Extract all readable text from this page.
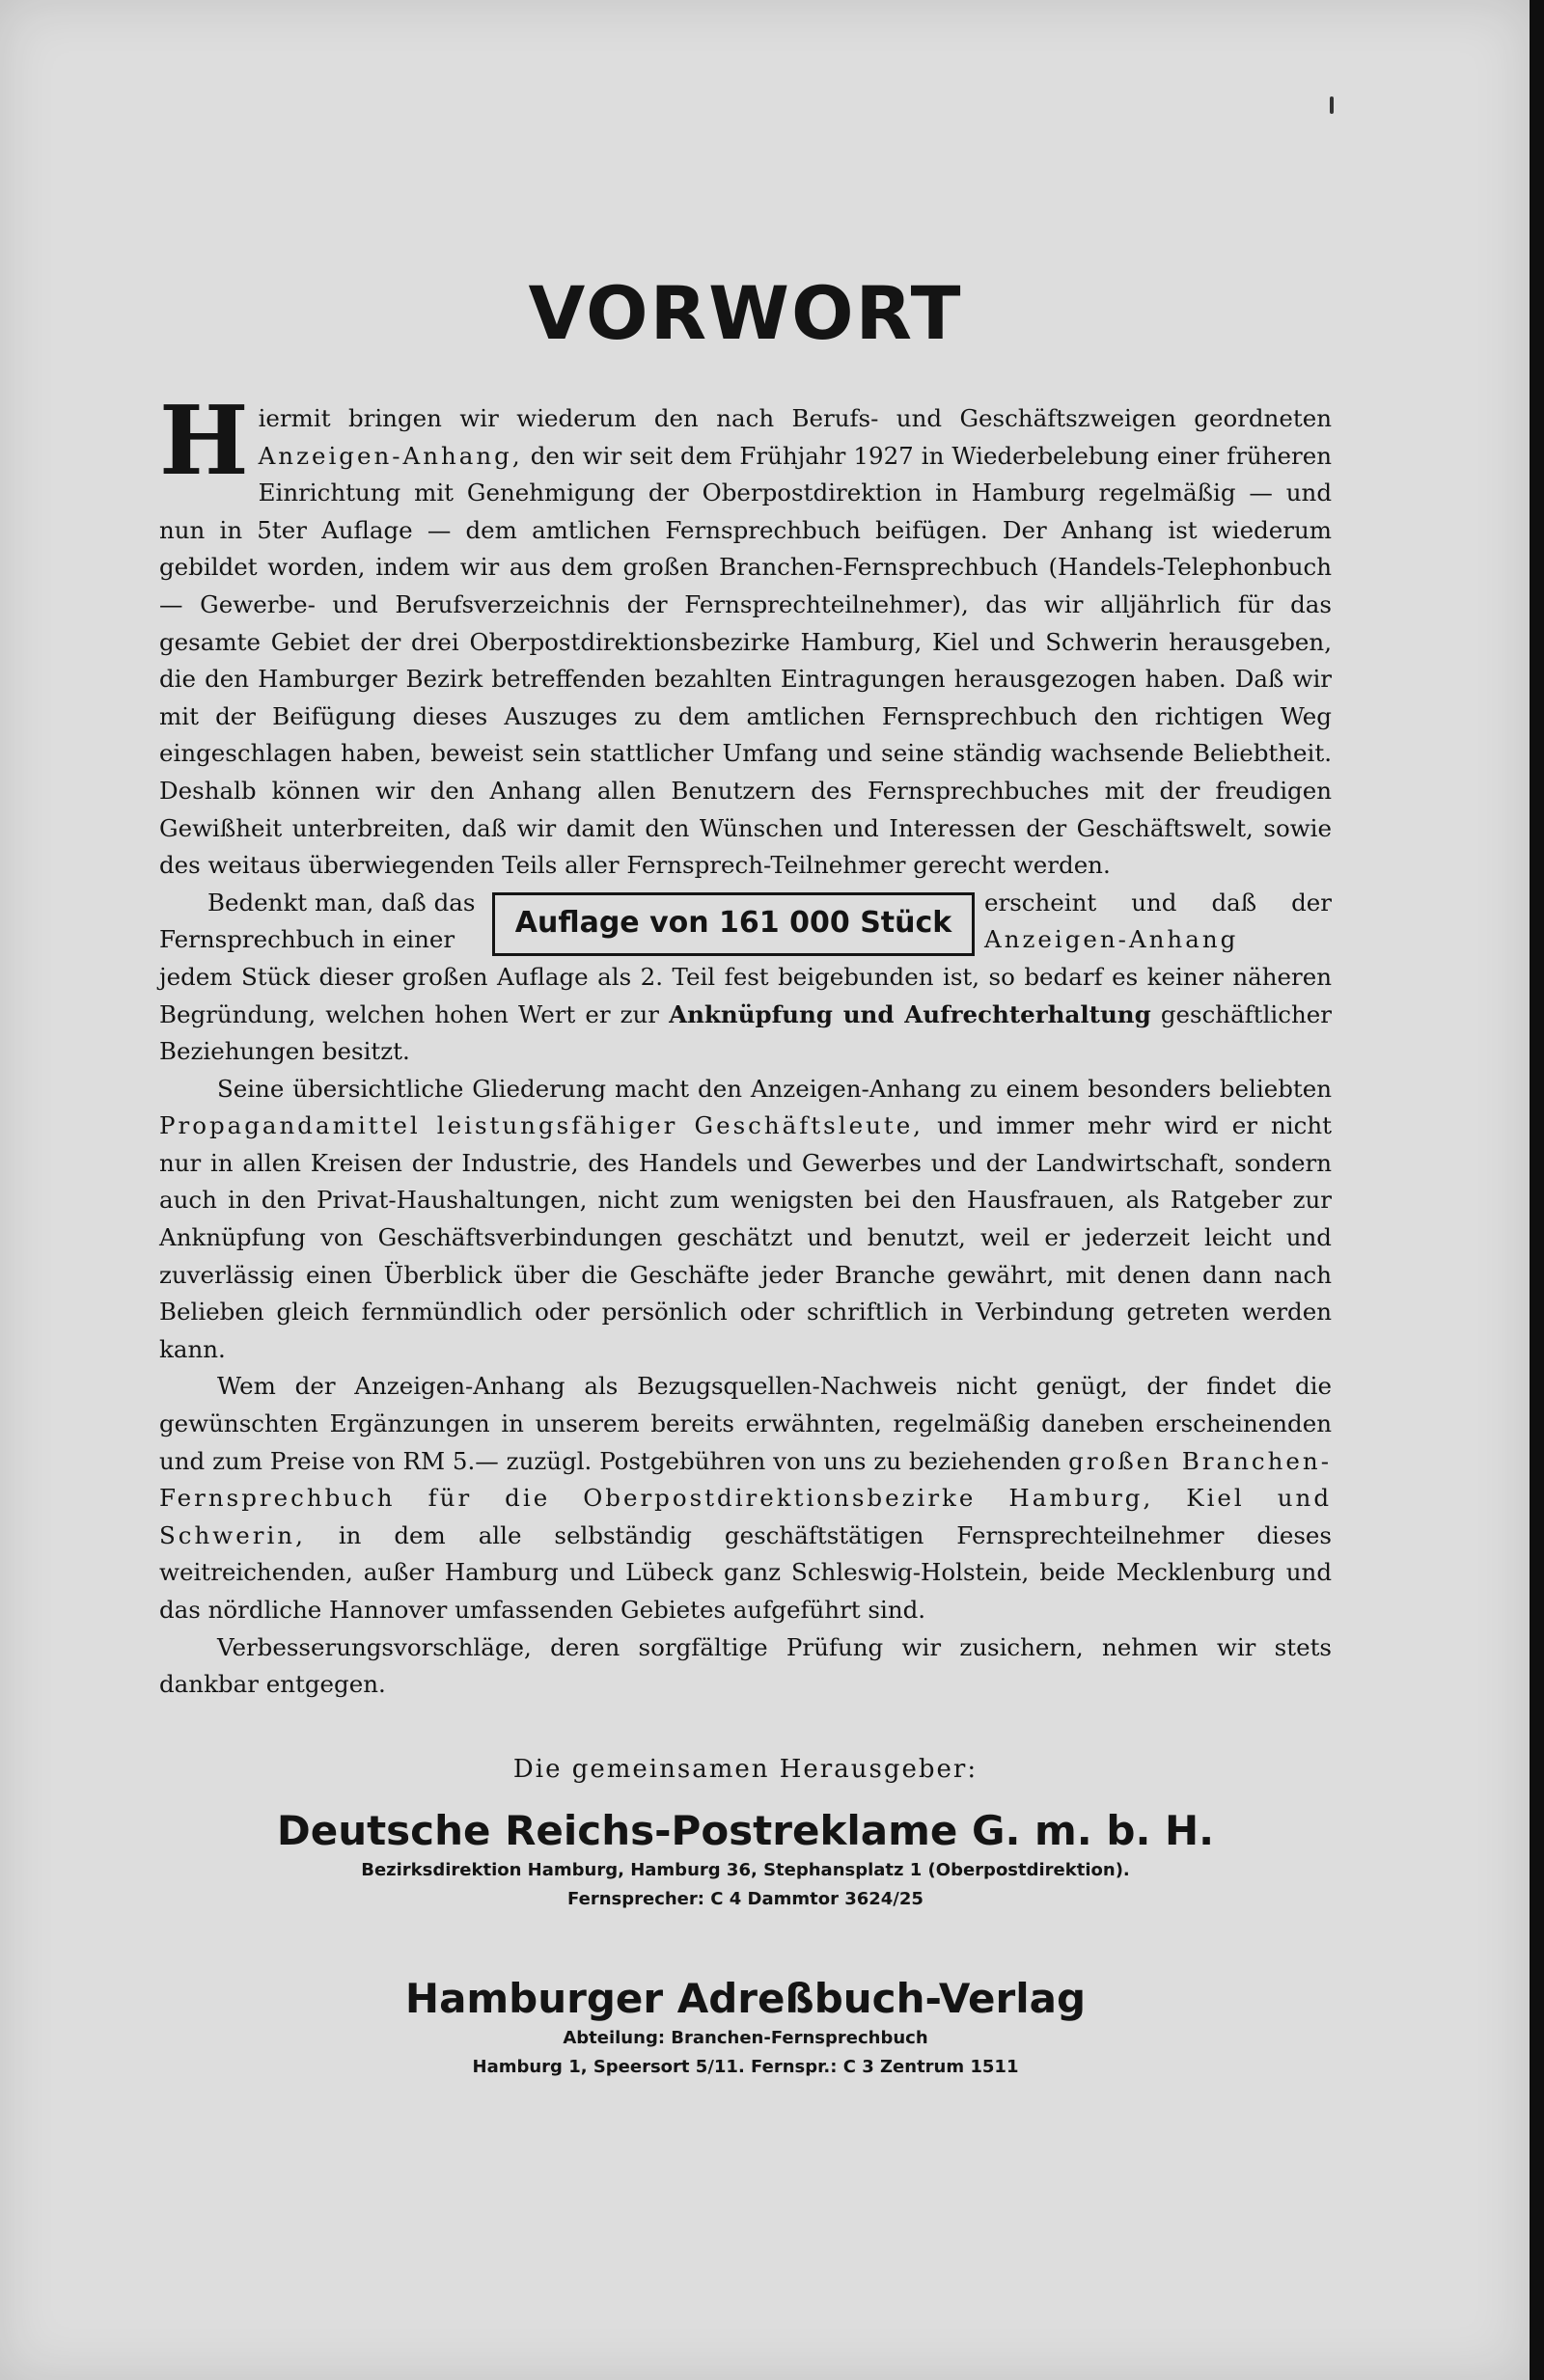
VORWORT

Hiermit bringen wir wiederum den nach Berufs- und Geschäftszweigen geordneten Anzeigen-Anhang, den wir seit dem Frühjahr 1927 in Wiederbelebung einer früheren Einrichtung mit Genehmigung der Oberpostdirektion in Hamburg regelmäßig — und nun in 5ter Auflage — dem amtlichen Fernsprechbuch beifügen. Der Anhang ist wiederum gebildet worden, indem wir aus dem großen Branchen-Fernsprechbuch (Handels-Telephonbuch — Gewerbe- und Berufsverzeichnis der Fernsprechteilnehmer), das wir alljährlich für das gesamte Gebiet der drei Oberpostdirektionsbezirke Hamburg, Kiel und Schwerin herausgeben, die den Hamburger Bezirk betreffenden bezahlten Eintragungen herausgezogen haben. Daß wir mit der Beifügung dieses Auszuges zu dem amtlichen Fernsprechbuch den richtigen Weg eingeschlagen haben, beweist sein stattlicher Umfang und seine ständig wachsende Beliebtheit. Deshalb können wir den Anhang allen Benutzern des Fernsprechbuches mit der freudigen Gewißheit unterbreiten, daß wir damit den Wünschen und Interessen der Geschäftswelt, sowie des weitaus überwiegenden Teils aller Fernsprech-Teilnehmer gerecht werden.

Bedenkt man, daß das
Fernsprechbuch in einer	Auflage von 161 000 Stück
erscheint und daß der
Anzeigen-Anhang

jedem Stück dieser großen Auflage als 2. Teil fest beigebunden ist, so bedarf es keiner näheren Begründung, welchen hohen Wert er zur Anknüpfung und Aufrechterhaltung geschäftlicher Beziehungen besitzt.

Seine übersichtliche Gliederung macht den Anzeigen-Anhang zu einem besonders beliebten Propagandamittel leistungsfähiger Geschäftsleute, und immer mehr wird er nicht nur in allen Kreisen der Industrie, des Handels und Gewerbes und der Landwirtschaft, sondern auch in den Privat-Haushaltungen, nicht zum wenigsten bei den Hausfrauen, als Ratgeber zur Anknüpfung von Geschäftsverbindungen geschätzt und benutzt, weil er jederzeit leicht und zuverlässig einen Überblick über die Geschäfte jeder Branche gewährt, mit denen dann nach Belieben gleich fernmündlich oder persönlich oder schriftlich in Verbindung getreten werden kann.

Wem der Anzeigen-Anhang als Bezugsquellen-Nachweis nicht genügt, der findet die gewünschten Ergänzungen in unserem bereits erwähnten, regelmäßig daneben erscheinenden und zum Preise von RM 5.— zuzügl. Postgebühren von uns zu beziehenden großen Branchen-Fernsprechbuch für die Oberpostdirektionsbezirke Hamburg, Kiel und Schwerin, in dem alle selbständig geschäftstätigen Fernsprechteilnehmer dieses weitreichenden, außer Hamburg und Lübeck ganz Schleswig-Holstein, beide Mecklenburg und das nördliche Hannover umfassenden Gebietes aufgeführt sind.

Verbesserungsvorschläge, deren sorgfältige Prüfung wir zusichern, nehmen wir stets dankbar entgegen.

Die gemeinsamen Herausgeber:
Deutsche Reichs-Postreklame G. m. b. H.
Bezirksdirektion Hamburg, Hamburg 36, Stephansplatz 1 (Oberpostdirektion).
Fernsprecher: C 4 Dammtor 3624/25
Hamburger Adreßbuch-Verlag
Abteilung: Branchen-Fernsprechbuch
Hamburg 1, Speersort 5/11. Fernspr.: C 3 Zentrum 1511
